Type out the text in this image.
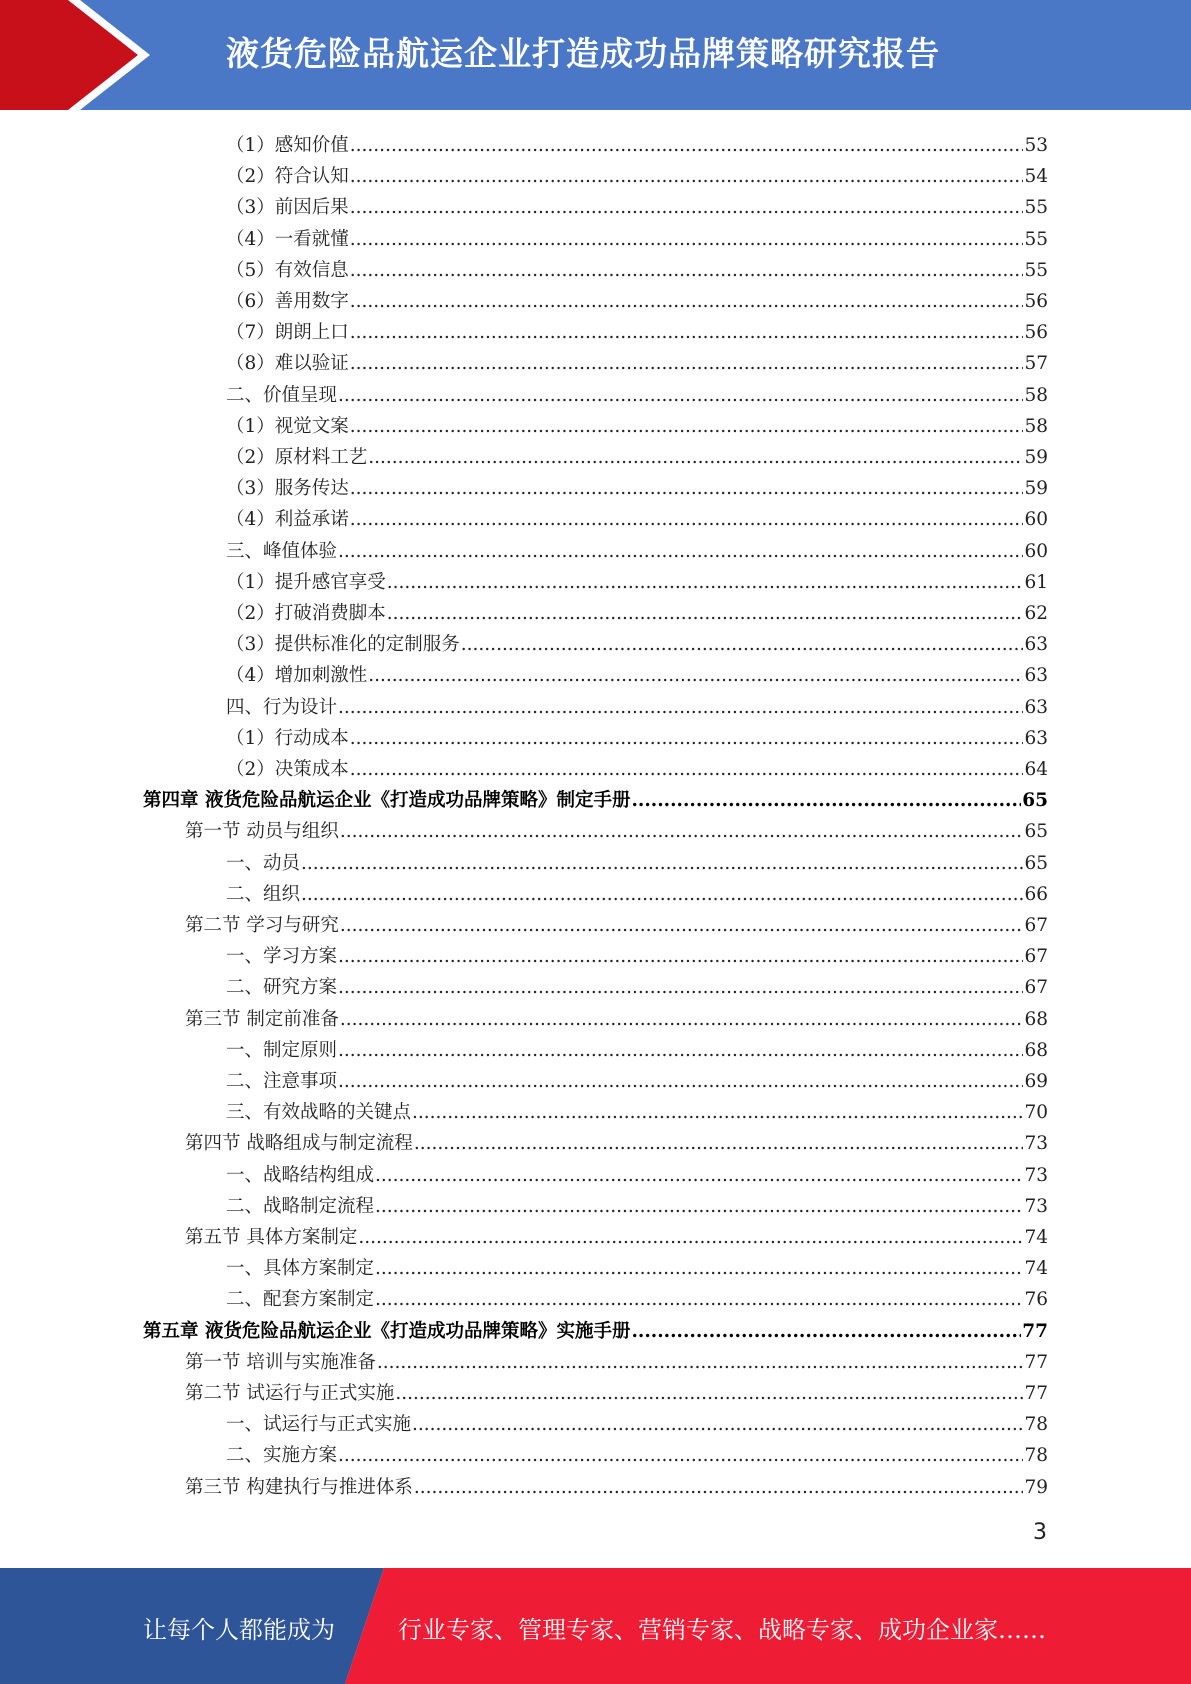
液货危险品航运企业打造成功品牌策略研究报告
（1）感知价值 .....	53
（2）符合认知 .....	54
（3）前因后果 .....	55
（4）一看就懂 .....	55
（5）有效信息 .....	55
（6）善用数字 .....	56
（7）朗朗上口 .....	56
（8）难以验证 .....	57
二、价值呈现 .....	58
（1）视觉文案 .....	58
（2）原材料工艺 .....	59
（3）服务传达 .....	59
（4）利益承诺 .....	60
三、峰值体验 .....	60
（1）提升感官享受 .....	61
（2）打破消费脚本 .....	62
（3）提供标准化的定制服务 .....	63
（4）增加刺激性 .....	63
四、行为设计 .....	63
（1）行动成本 .....	63
（2）决策成本 .....	64
第四章 液货危险品航运企业《打造成功品牌策略》制定手册 .....	65
第一节 动员与组织 .....	65
一、动员 .....	65
二、组织 .....	66
第二节 学习与研究 .....	67
一、学习方案 .....	67
二、研究方案 .....	67
第三节 制定前准备 .....	68
一、制定原则 .....	68
二、注意事项 .....	69
三、有效战略的关键点 .....	70
第四节 战略组成与制定流程 .....	73
一、战略结构组成 .....	73
二、战略制定流程 .....	73
第五节 具体方案制定 .....	74
一、具体方案制定 .....	74
二、配套方案制定 .....	76
第五章 液货危险品航运企业《打造成功品牌策略》实施手册 .....	77
第一节 培训与实施准备 .....	77
第二节 试运行与正式实施 .....	77
一、试运行与正式实施 .....	78
二、实施方案 .....	78
第三节 构建执行与推进体系 .....	79
3
让每个人都能成为	行业专家、管理专家、营销专家、战略专家、成功企业家……
